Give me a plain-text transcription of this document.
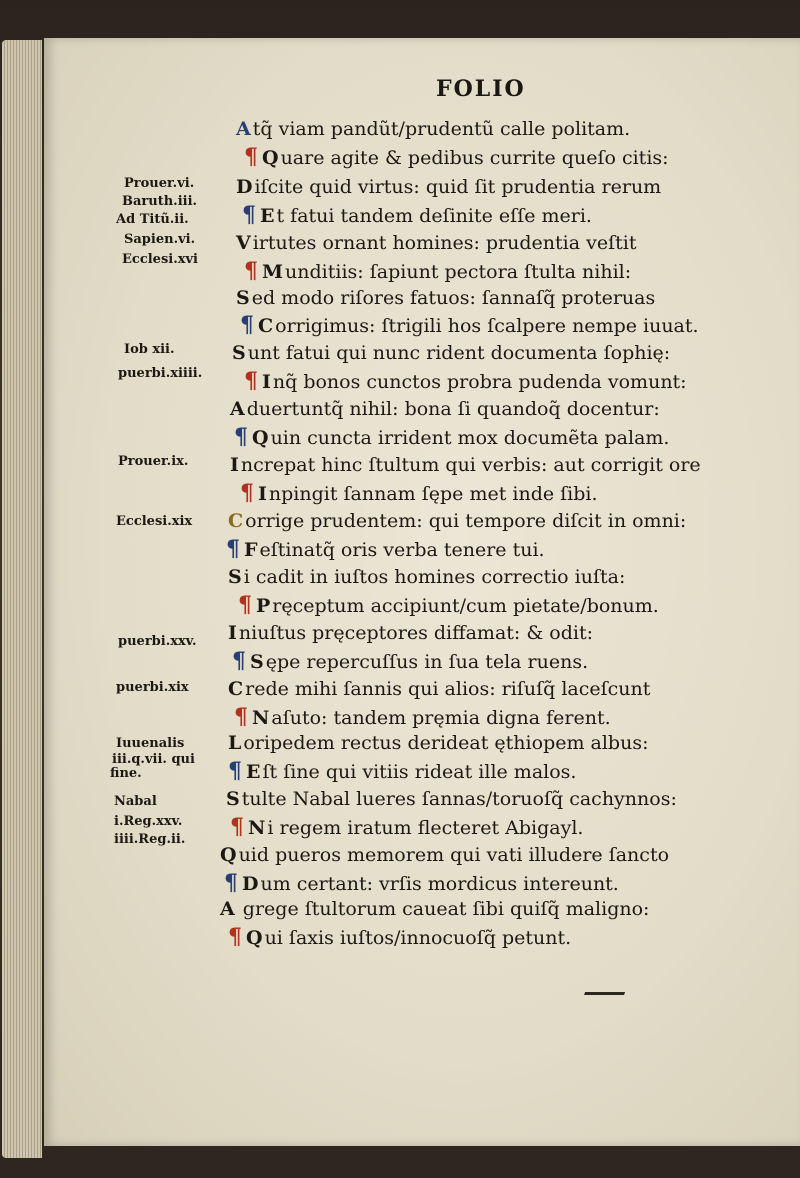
FOLIO
A tq̃ viam pandũt/prudentũ calle politam.
¶ Q uare agite & pedibus currite queſo citis:
D iſcite quid virtus: quid ſit prudentia rerum
¶ E t fatui tandem deſinite eſſe meri.
V irtutes ornant homines: prudentia veſtit
¶ M unditiis: ſapiunt pectora ſtulta nihil:
S ed modo riſores fatuos: ſannaſq̃ proteruas
¶ C orrigimus: ſtrigili hos ſcalpere nempe iuuat.
S unt fatui qui nunc rident documenta ſophię:
¶ I nq̃ bonos cunctos probra pudenda vomunt:
A duertuntq̃ nihil: bona ſi quandoq̃ docentur:
¶ Q uin cuncta irrident mox documẽta palam.
I ncrepat hinc ſtultum qui verbis: aut corrigit ore
¶ I npingit ſannam ſępe met inde ſibi.
C orrige prudentem: qui tempore diſcit in omni:
¶ F eſtinatq̃ oris verba tenere tui.
S i cadit in iuſtos homines correctio iuſta:
¶ P ręceptum accipiunt/cum pietate/bonum.
I niuſtus pręceptores diffamat: & odit:
¶ S ępe repercuſſus in ſua tela ruens.
C rede mihi ſannis qui alios: riſuſq̃ laceſcunt
¶ N aſuto: tandem pręmia digna ferent.
L oripedem rectus derideat ęthiopem albus:
¶ E ſt ſine qui vitiis rideat ille malos.
S tulte Nabal lueres ſannas/toruoſq̃ cachynnos:
¶ N i regem iratum flecteret Abigayl.
Q uid pueros memorem qui vati illudere ſancto
¶ D um certant: vrſis mordicus intereunt.
A grege ſtultorum caueat ſibi quiſq̃ maligno:
¶ Q ui ſaxis iuſtos/innocuoſq̃ petunt.
Prouer.vi.
Baruth.iii.
Ad Titũ.ii.
Sapien.vi.
Ecclesi.xvi
Iob xii.
puerbi.xiiii.
Prouer.ix.
Ecclesi.xix
puerbi.xxv.
puerbi.xix
Iuuenalis
iii.q.vii. qui
fine.
Nabal
i.Reg.xxv.
iiii.Reg.ii.
